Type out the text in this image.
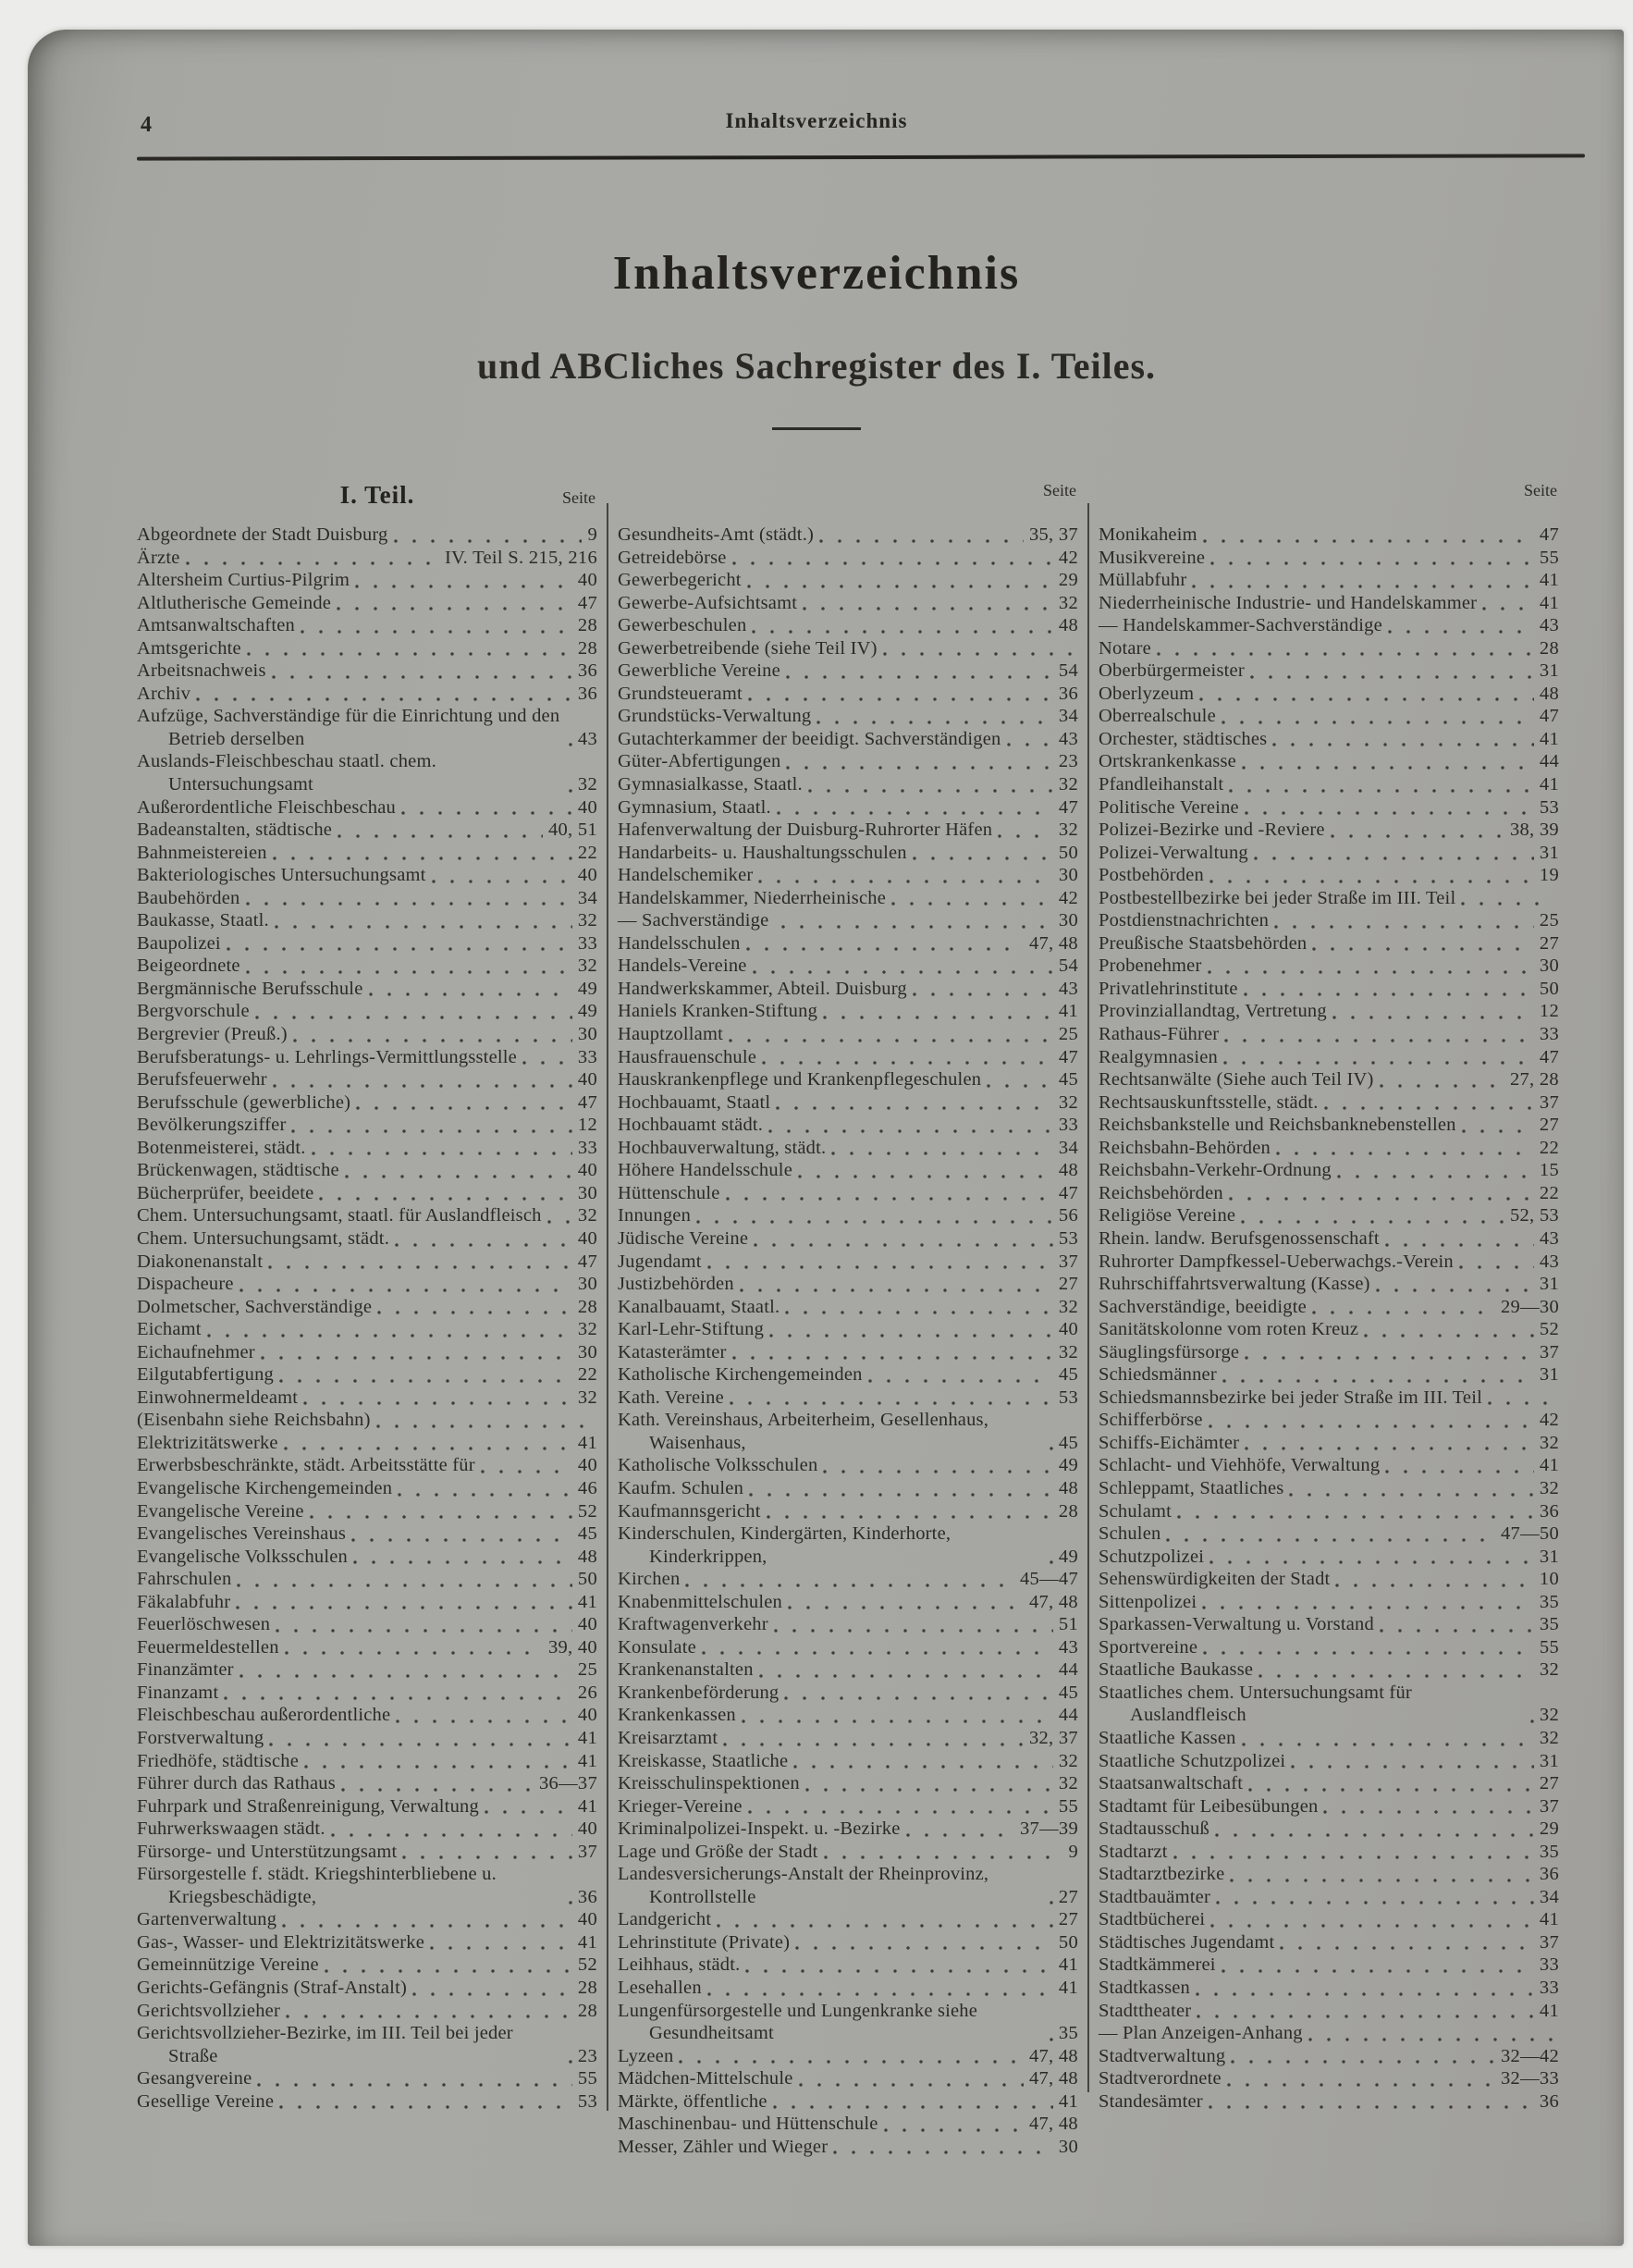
4	Inhaltsverzeichnis
Inhaltsverzeichnis
und ABCliches Sachregister des I. Teiles.
I. Teil.	Seite
Abgeordnete der Stadt Duisburg	9
Ärzte	IV. Teil S. 215, 216
Altersheim Curtius-Pilgrim	40
Altlutherische Gemeinde	47
Amtsanwaltschaften	28
Amtsgerichte	28
Arbeitsnachweis	36
Archiv	36
Aufzüge, Sachverständige für die Einrichtung und den Betrieb derselben	43
Auslands-Fleischbeschau staatl. chem. Untersuchungsamt	32
Außerordentliche Fleischbeschau	40
Badeanstalten, städtische	40, 51
Bahnmeistereien	22
Bakteriologisches Untersuchungsamt	40
Baubehörden	34
Baukasse, Staatl.	32
Baupolizei	33
Beigeordnete	32
Bergmännische Berufsschule	49
Bergvorschule	49
Bergrevier (Preuß.)	30
Berufsberatungs- u. Lehrlings-Vermittlungsstelle	33
Berufsfeuerwehr	40
Berufsschule (gewerbliche)	47
Bevölkerungsziffer	12
Botenmeisterei, städt.	33
Brückenwagen, städtische	40
Bücherprüfer, beeidete	30
Chem. Untersuchungsamt, staatl. für Auslandfleisch 32
Chem. Untersuchungsamt, städt.	40
Diakonenanstalt	47
Dispacheure	30
Dolmetscher, Sachverständige	28
Eichamt	32
Eichaufnehmer	30
Eilgutabfertigung	22
Einwohnermeldeamt	32
(Eisenbahn siehe Reichsbahn)
Elektrizitätswerke	41
Erwerbsbeschränkte, städt. Arbeitsstätte für	40
Evangelische Kirchengemeinden	46
Evangelische Vereine	52
Evangelisches Vereinshaus	45
Evangelische Volksschulen	48
Fahrschulen	50
Fäkalabfuhr	41
Feuerlöschwesen	40
Feuermeldestellen	39, 40
Finanzämter	25
Finanzamt	26
Fleischbeschau außerordentliche	40
Forstverwaltung	41
Friedhöfe, städtische	41
Führer durch das Rathaus	36—37
Fuhrpark und Straßenreinigung, Verwaltung	41
Fuhrwerkswaagen städt.	40
Fürsorge- und Unterstützungsamt	37
Fürsorgestelle f. städt. Kriegshinterbliebene u. Kriegsbeschädigte,	36
Gartenverwaltung	40
Gas-, Wasser- und Elektrizitätswerke	41
Gemeinnützige Vereine	52
Gerichts-Gefängnis (Straf-Anstalt)	28
Gerichtsvollzieher	28
Gerichtsvollzieher-Bezirke, im III. Teil bei jeder Straße	23
Gesangvereine	55
Gesellige Vereine	53
Seite
Gesundheits-Amt (städt.)	35, 37
Getreidebörse	42
Gewerbegericht	29
Gewerbe-Aufsichtsamt	32
Gewerbeschulen	48
Gewerbetreibende (siehe Teil IV)
Gewerbliche Vereine	54
Grundsteueramt	36
Grundstücks-Verwaltung	34
Gutachterkammer der beeidigt. Sachverständigen	43
Güter-Abfertigungen	23
Gymnasialkasse, Staatl.	32
Gymnasium, Staatl.	47
Hafenverwaltung der Duisburg-Ruhrorter Häfen	32
Handarbeits- u. Haushaltungsschulen	50
Handelschemiker	30
Handelskammer, Niederrheinische	42
— Sachverständige	30
Handelsschulen	47, 48
Handels-Vereine	54
Handwerkskammer, Abteil. Duisburg	43
Haniels Kranken-Stiftung	41
Hauptzollamt	25
Hausfrauenschule	47
Hauskrankenpflege und Krankenpflegeschulen	45
Hochbauamt, Staatl	32
Hochbauamt städt.	33
Hochbauverwaltung, städt.	34
Höhere Handelsschule	48
Hüttenschule	47
Innungen	56
Jüdische Vereine	53
Jugendamt	37
Justizbehörden	27
Kanalbauamt, Staatl.	32
Karl-Lehr-Stiftung	40
Katasterämter	32
Katholische Kirchengemeinden	45
Kath. Vereine	53
Kath. Vereinshaus, Arbeiterheim, Gesellenhaus, Waisenhaus,	45
Katholische Volksschulen	49
Kaufm. Schulen	48
Kaufmannsgericht	28
Kinderschulen, Kindergärten, Kinderhorte, Kinderkrippen,	49
Kirchen	45—47
Knabenmittelschulen	47, 48
Kraftwagenverkehr	51
Konsulate	43
Krankenanstalten	44
Krankenbeförderung	45
Krankenkassen	44
Kreisarztamt	32, 37
Kreiskasse, Staatliche	32
Kreisschulinspektionen	32
Krieger-Vereine	55
Kriminalpolizei-Inspekt. u. -Bezirke	37—39
Lage und Größe der Stadt	9
Landesversicherungs-Anstalt der Rheinprovinz, Kontrollstelle	27
Landgericht	27
Lehrinstitute (Private)	50
Leihhaus, städt.	41
Lesehallen	41
Lungenfürsorgestelle und Lungenkranke siehe Gesundheitsamt	35
Lyzeen	47, 48
Mädchen-Mittelschule	47, 48
Märkte, öffentliche	41
Maschinenbau- und Hüttenschule	47, 48
Messer, Zähler und Wieger	30
Seite
Monikaheim	47
Musikvereine	55
Müllabfuhr	41
Niederrheinische Industrie- und Handelskammer	41
— Handelskammer-Sachverständige	43
Notare	28
Oberbürgermeister	31
Oberlyzeum	48
Oberrealschule	47
Orchester, städtisches	41
Ortskrankenkasse	44
Pfandleihanstalt	41
Politische Vereine	53
Polizei-Bezirke und -Reviere	38, 39
Polizei-Verwaltung	31
Postbehörden	19
Postbestellbezirke bei jeder Straße im III. Teil
Postdienstnachrichten	25
Preußische Staatsbehörden	27
Probenehmer	30
Privatlehrinstitute	50
Provinziallandtag, Vertretung	12
Rathaus-Führer	33
Realgymnasien	47
Rechtsanwälte (Siehe auch Teil IV)	27, 28
Rechtsauskunftsstelle, städt.	37
Reichsbankstelle und Reichsbanknebenstellen	27
Reichsbahn-Behörden	22
Reichsbahn-Verkehr-Ordnung	15
Reichsbehörden	22
Religiöse Vereine	52, 53
Rhein. landw. Berufsgenossenschaft	43
Ruhrorter Dampfkessel-Ueberwachgs.-Verein	43
Ruhrschiffahrtsverwaltung (Kasse)	31
Sachverständige, beeidigte	29—30
Sanitätskolonne vom roten Kreuz	52
Säuglingsfürsorge	37
Schiedsmänner	31
Schiedsmannsbezirke bei jeder Straße im III. Teil
Schifferbörse	42
Schiffs-Eichämter	32
Schlacht- und Viehhöfe, Verwaltung	41
Schleppamt, Staatliches	32
Schulamt	36
Schulen	47—50
Schutzpolizei	31
Sehenswürdigkeiten der Stadt	10
Sittenpolizei	35
Sparkassen-Verwaltung u. Vorstand	35
Sportvereine	55
Staatliche Baukasse	32
Staatliches chem. Untersuchungsamt für Auslandfleisch	32
Staatliche Kassen	32
Staatliche Schutzpolizei	31
Staatsanwaltschaft	27
Stadtamt für Leibesübungen	37
Stadtausschuß	29
Stadtarzt	35
Stadtarztbezirke	36
Stadtbauämter	34
Stadtbücherei	41
Städtisches Jugendamt	37
Stadtkämmerei	33
Stadtkassen	33
Stadttheater	41
— Plan Anzeigen-Anhang
Stadtverwaltung	32—42
Stadtverordnete	32—33
Standesämter	36
